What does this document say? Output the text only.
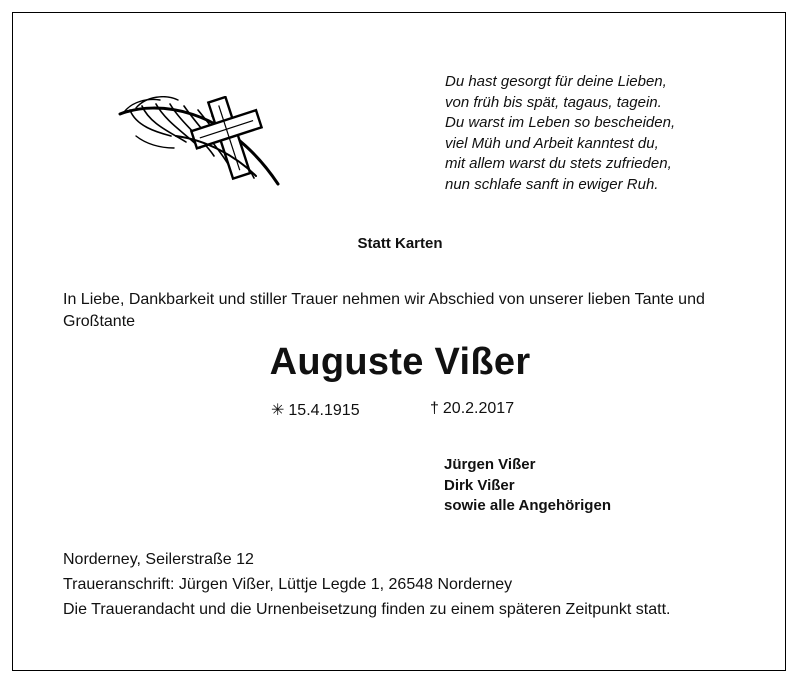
Du hast gesorgt für deine Lieben,
von früh bis spät, tagaus, tagein.
Du warst im Leben so bescheiden,
viel Müh und Arbeit kanntest du,
mit allem warst du stets zufrieden,
nun schlafe sanft in ewiger Ruh.
Statt Karten
In Liebe, Dankbarkeit und stiller Trauer nehmen wir Abschied von unserer lieben Tante und Großtante
Auguste Vißer
✳ 15.4.1915	† 20.2.2017
Jürgen Vißer
Dirk Vißer
sowie alle Angehörigen
Norderney, Seilerstraße 12
Traueranschrift: Jürgen Vißer, Lüttje Legde 1, 26548 Norderney
Die Trauerandacht und die Urnenbeisetzung finden zu einem späteren Zeitpunkt statt.
